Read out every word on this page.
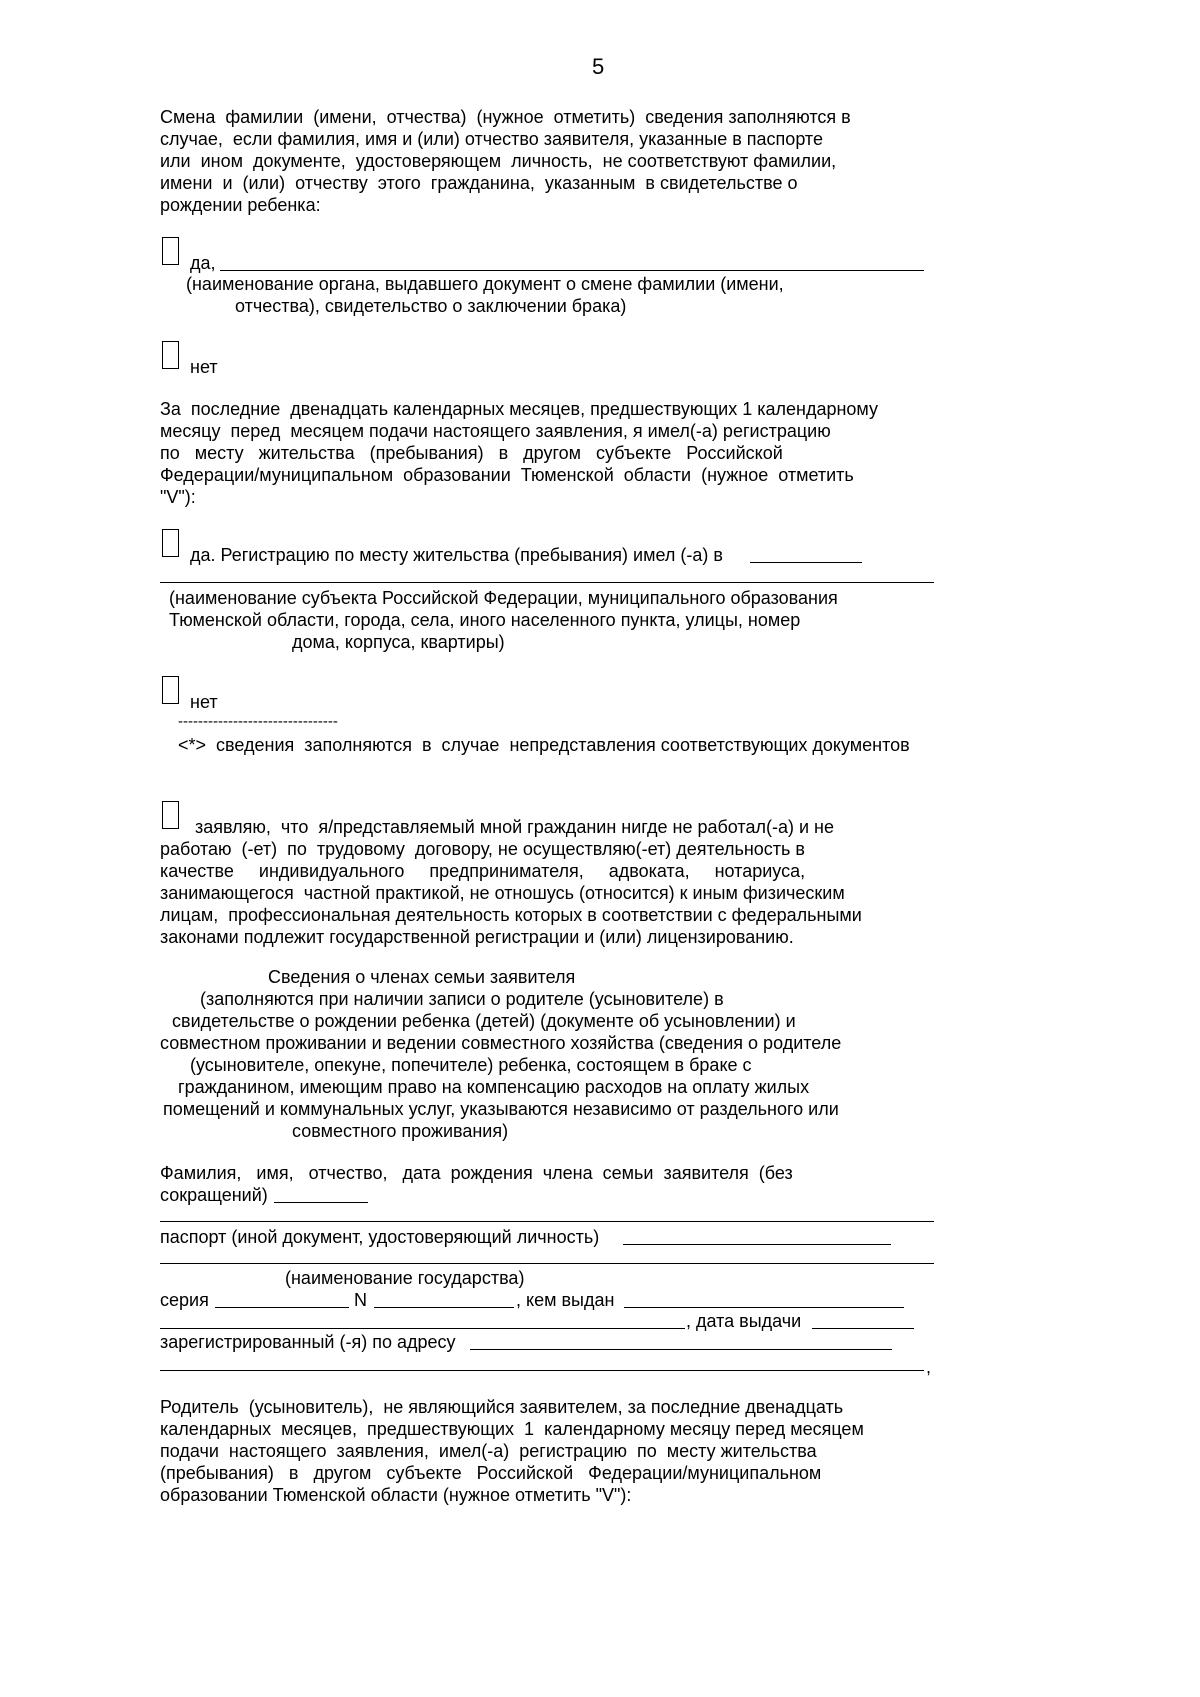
5
Смена  фамилии  (имени,  отчества)  (нужное  отметить)  сведения заполняются в
случае,  если фамилия, имя и (или) отчество заявителя, указанные в паспорте
или  ином  документе,  удостоверяющем  личность,  не соответствуют фамилии,
имени  и  (или)  отчеству  этого  гражданина,  указанным  в свидетельстве о
рождении ребенка:
да,
(наименование органа, выдавшего документ о смене фамилии (имени,
отчества), свидетельство о заключении брака)
нет
За  последние  двенадцать календарных месяцев, предшествующих 1 календарному
месяцу  перед  месяцем подачи настоящего заявления, я имел(-а) регистрацию
по   месту   жительства   (пребывания)   в   другом   субъекте   Российской
Федерации/муниципальном  образовании  Тюменской  области  (нужное  отметить
"V"):
да. Регистрацию по месту жительства (пребывания) имел (-а) в
(наименование субъекта Российской Федерации, муниципального образования
Тюменской области, города, села, иного населенного пункта, улицы, номер
дома, корпуса, квартиры)
нет
--------------------------------
<*>  сведения  заполняются  в  случае  непредставления соответствующих документов
заявляю,  что  я/представляемый мной гражданин нигде не работал(-а) и не
работаю  (-ет)  по  трудовому  договору, не осуществляю(-ет) деятельность в
качестве     индивидуального     предпринимателя,     адвоката,     нотариуса,
занимающегося  частной практикой, не отношусь (относится) к иным физическим
лицам,  профессиональная деятельность которых в соответствии с федеральными
законами подлежит государственной регистрации и (или) лицензированию.
Сведения о членах семьи заявителя
(заполняются при наличии записи о родителе (усыновителе) в
свидетельстве о рождении ребенка (детей) (документе об усыновлении) и
совместном проживании и ведении совместного хозяйства (сведения о родителе
(усыновителе, опекуне, попечителе) ребенка, состоящем в браке с
гражданином, имеющим право на компенсацию расходов на оплату жилых
помещений и коммунальных услуг, указываются независимо от раздельного или
совместного проживания)
Фамилия,   имя,   отчество,   дата  рождения  члена  семьи  заявителя  (без
сокращений)
паспорт (иной документ, удостоверяющий личность)
(наименование государства)
серия	N	, кем выдан
, дата выдачи
зарегистрированный (-я) по адресу
,
Родитель  (усыновитель),  не являющийся заявителем, за последние двенадцать
календарных  месяцев,  предшествующих  1  календарному месяцу перед месяцем
подачи  настоящего  заявления,  имел(-а)  регистрацию  по  месту жительства
(пребывания)   в   другом   субъекте   Российской   Федерации/муниципальном
образовании Тюменской области (нужное отметить "V"):
